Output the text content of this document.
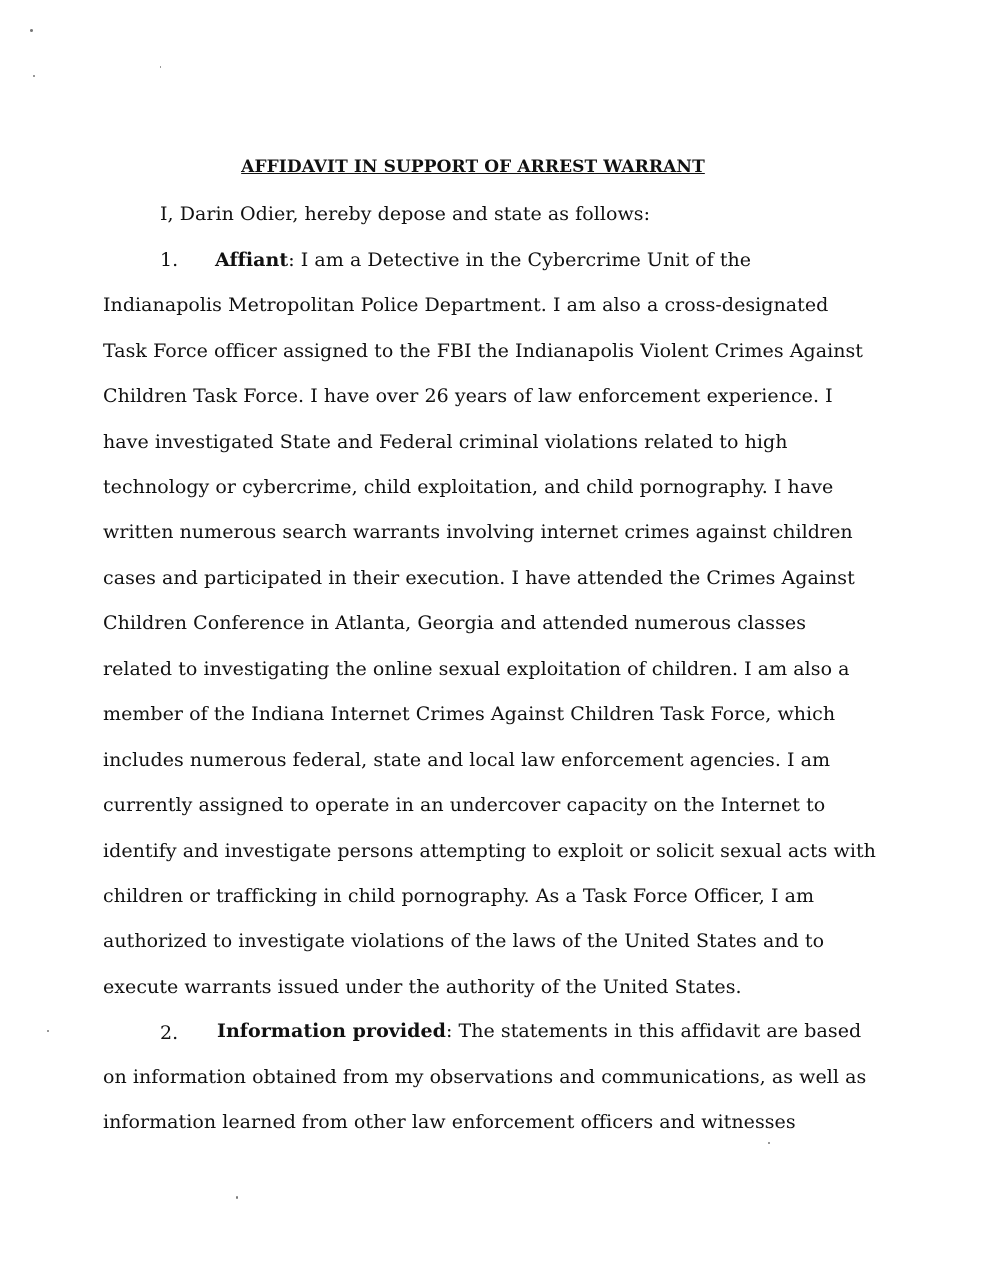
AFFIDAVIT IN SUPPORT OF ARREST WARRANT
I, Darin Odier, hereby depose and state as follows:
1. Affiant: I am a Detective in the Cybercrime Unit of the
Indianapolis Metropolitan Police Department. I am also a cross-designated
Task Force officer assigned to the FBI the Indianapolis Violent Crimes Against
Children Task Force. I have over 26 years of law enforcement experience. I
have investigated State and Federal criminal violations related to high
technology or cybercrime, child exploitation, and child pornography. I have
written numerous search warrants involving internet crimes against children
cases and participated in their execution. I have attended the Crimes Against
Children Conference in Atlanta, Georgia and attended numerous classes
related to investigating the online sexual exploitation of children. I am also a
member of the Indiana Internet Crimes Against Children Task Force, which
includes numerous federal, state and local law enforcement agencies. I am
currently assigned to operate in an undercover capacity on the Internet to
identify and investigate persons attempting to exploit or solicit sexual acts with
children or trafficking in child pornography. As a Task Force Officer, I am
authorized to investigate violations of the laws of the United States and to
execute warrants issued under the authority of the United States.
2. Information provided: The statements in this affidavit are based
on information obtained from my observations and communications, as well as
information learned from other law enforcement officers and witnesses
